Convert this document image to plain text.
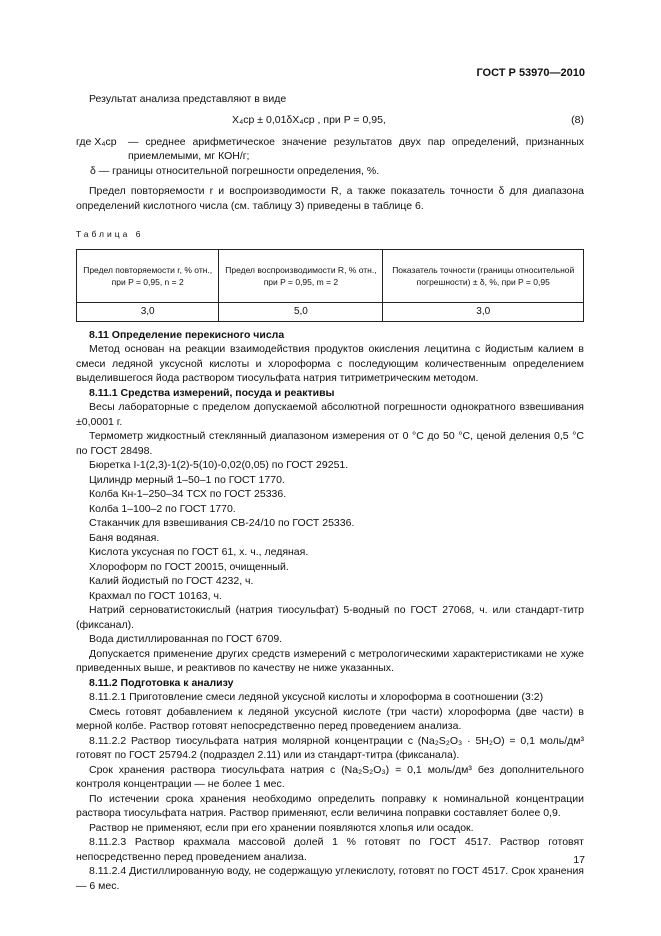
ГОСТ Р 53970—2010

Результат анализа представляют в виде

X₄ср ± 0,01δX₄ср , при P = 0,95,	(8)
где X₄ср	— среднее арифметическое значение результатов двух пар определений, признанных приемлемыми, мг КОН/г;

δ — границы относительной погрешности определения, %.

Предел повторяемости r и воспроизводимости R, а также показатель точности δ для диапазона определений кислотного числа (см. таблицу 3) приведены в таблице 6.

Таблица 6
Предел повторяемости r, % отн., при P = 0,95, n = 2	Предел воспроизводимости R, % отн., при P = 0,95, m = 2	Показатель точности (границы относительной погрешности) ± δ, %, при P = 0,95
3,0	5,0	3,0

8.11 Определение перекисного числа

Метод основан на реакции взаимодействия продуктов окисления лецитина с йодистым калием в смеси ледяной уксусной кислоты и хлороформа с последующим количественным определением выделившегося йода раствором тиосульфата натрия титриметрическим методом.

8.11.1 Средства измерений, посуда и реактивы

Весы лабораторные с пределом допускаемой абсолютной погрешности однократного взвешивания ±0,0001 г.

Термометр жидкостный стеклянный диапазоном измерения от 0 °С до 50 °С, ценой деления 0,5 °С по ГОСТ 28498.

Бюретка I-1(2,3)-1(2)-5(10)-0,02(0,05) по ГОСТ 29251.

Цилиндр мерный 1–50–1 по ГОСТ 1770.

Колба Кн-1–250–34 ТСХ по ГОСТ 25336.

Колба 1–100–2 по ГОСТ 1770.

Стаканчик для взвешивания СВ-24/10 по ГОСТ 25336.

Баня водяная.

Кислота уксусная по ГОСТ 61, х. ч., ледяная.

Хлороформ по ГОСТ 20015, очищенный.

Калий йодистый по ГОСТ 4232, ч.

Крахмал по ГОСТ 10163, ч.

Натрий серноватистокислый (натрия тиосульфат) 5-водный по ГОСТ 27068, ч. или стандарт-титр (фиксанал).

Вода дистиллированная по ГОСТ 6709.

Допускается применение других средств измерений с метрологическими характеристиками не хуже приведенных выше, и реактивов по качеству не ниже указанных.

8.11.2 Подготовка к анализу

8.11.2.1 Приготовление смеси ледяной уксусной кислоты и хлороформа в соотношении (3:2)

Смесь готовят добавлением к ледяной уксусной кислоте (три части) хлороформа (две части) в мерной колбе. Раствор готовят непосредственно перед проведением анализа.

8.11.2.2 Раствор тиосульфата натрия молярной концентрации c (Na₂S₂O₃ · 5H₂O) = 0,1 моль/дм³ готовят по ГОСТ 25794.2 (подраздел 2.11) или из стандарт-титра (фиксанала).

Срок хранения раствора тиосульфата натрия c (Na₂S₂O₃) = 0,1 моль/дм³ без дополнительного контроля концентрации — не более 1 мес.

По истечении срока хранения необходимо определить поправку к номинальной концентрации раствора тиосульфата натрия. Раствор применяют, если величина поправки составляет более 0,9.

Раствор не применяют, если при его хранении появляются хлопья или осадок.

8.11.2.3 Раствор крахмала массовой долей 1 % готовят по ГОСТ 4517. Раствор готовят непосредственно перед проведением анализа.

8.11.2.4 Дистиллированную воду, не содержащую углекислоту, готовят по ГОСТ 4517. Срок хранения — 6 мес.

17
